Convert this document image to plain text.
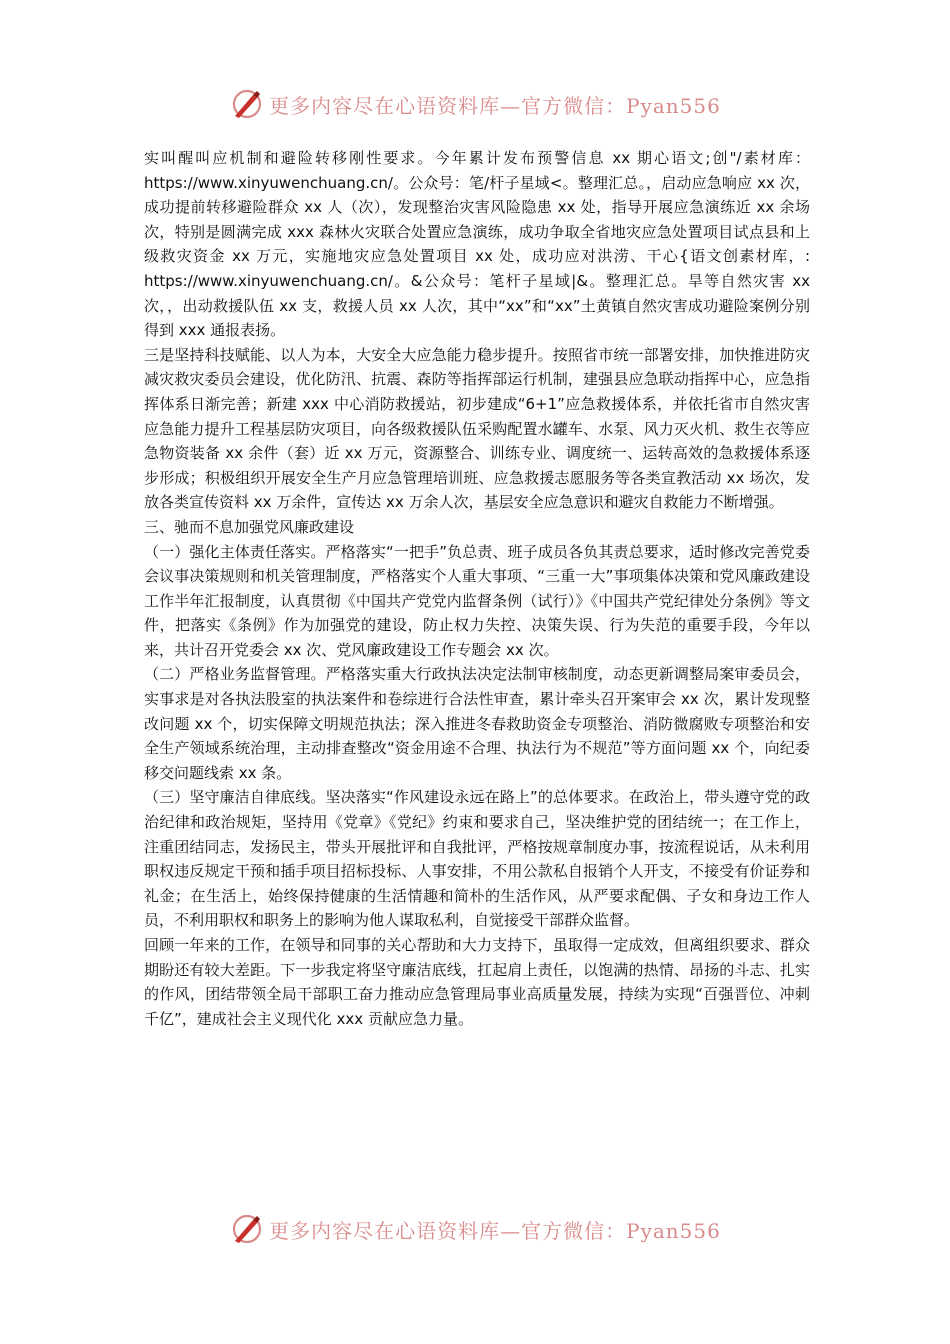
更多内容尽在心语资料库—官方微信：Pyan556

实叫醒叫应机制和避险转移刚性要求。今年累计发布预警信息 xx 期心语文;创"/素材库：https://www.xinyuwenchuang.cn/。公众号：笔/杆子星域<。整理汇总。，启动应急响应 xx 次，成功提前转移避险群众 xx 人（次），发现整治灾害风险隐患 xx 处，指导开展应急演练近 xx 余场次，特别是圆满完成 xxx 森林火灾联合处置应急演练，成功争取全省地灾应急处置项目试点县和上级救灾资金 xx 万元，实施地灾应急处置项目 xx 处，成功应对洪涝、干心{语文创素材库，: https://www.xinyuwenchuang.cn/。&公众号：笔杆子星域|&。整理汇总。旱等自然灾害 xx 次，，出动救援队伍 xx 支，救援人员 xx 人次，其中“xx”和“xx”土黄镇自然灾害成功避险案例分别得到 xxx 通报表扬。

三是坚持科技赋能、以人为本，大安全大应急能力稳步提升。按照省市统一部署安排，加快推进防灾减灾救灾委员会建设，优化防汛、抗震、森防等指挥部运行机制，建强县应急联动指挥中心，应急指挥体系日渐完善；新建 xxx 中心消防救援站，初步建成“6+1”应急救援体系，并依托省市自然灾害应急能力提升工程基层防灾项目，向各级救援队伍采购配置水罐车、水泵、风力灭火机、救生衣等应急物资装备 xx 余件（套）近 xx 万元，资源整合、训练专业、调度统一、运转高效的急救援体系逐步形成；积极组织开展安全生产月应急管理培训班、应急救援志愿服务等各类宣教活动 xx 场次，发放各类宣传资料 xx 万余件，宣传达 xx 万余人次，基层安全应急意识和避灾自救能力不断增强。

三、驰而不息加强党风廉政建设

（一）强化主体责任落实。严格落实“一把手”负总责、班子成员各负其责总要求，适时修改完善党委会议事决策规则和机关管理制度，严格落实个人重大事项、“三重一大”事项集体决策和党风廉政建设工作半年汇报制度，认真贯彻《中国共产党党内监督条例（试行）》《中国共产党纪律处分条例》等文件，把落实《条例》作为加强党的建设，防止权力失控、决策失误、行为失范的重要手段，今年以来，共计召开党委会 xx 次、党风廉政建设工作专题会 xx 次。

（二）严格业务监督管理。严格落实重大行政执法决定法制审核制度，动态更新调整局案审委员会，实事求是对各执法股室的执法案件和卷综进行合法性审查，累计牵头召开案审会 xx 次，累计发现整改问题 xx 个，切实保障文明规范执法；深入推进冬春救助资金专项整治、消防微腐败专项整治和安全生产领域系统治理，主动排查整改“资金用途不合理、执法行为不规范”等方面问题 xx 个，向纪委移交问题线索 xx 条。

（三）坚守廉洁自律底线。坚决落实“作风建设永远在路上”的总体要求。在政治上，带头遵守党的政治纪律和政治规矩，坚持用《党章》《党纪》约束和要求自己，坚决维护党的团结统一；在工作上，注重团结同志，发扬民主，带头开展批评和自我批评，严格按规章制度办事，按流程说话，从未利用职权违反规定干预和插手项目招标投标、人事安排，不用公款私自报销个人开支，不接受有价证券和礼金；在生活上，始终保持健康的生活情趣和简朴的生活作风，从严要求配偶、子女和身边工作人员，不利用职权和职务上的影响为他人谋取私利，自觉接受干部群众监督。

回顾一年来的工作，在领导和同事的关心帮助和大力支持下，虽取得一定成效，但离组织要求、群众期盼还有较大差距。下一步我定将坚守廉洁底线，扛起肩上责任，以饱满的热情、昂扬的斗志、扎实的作风，团结带领全局干部职工奋力推动应急管理局事业高质量发展，持续为实现“百强晋位、冲刺千亿”，建成社会主义现代化 xxx 贡献应急力量。

更多内容尽在心语资料库—官方微信：Pyan556
